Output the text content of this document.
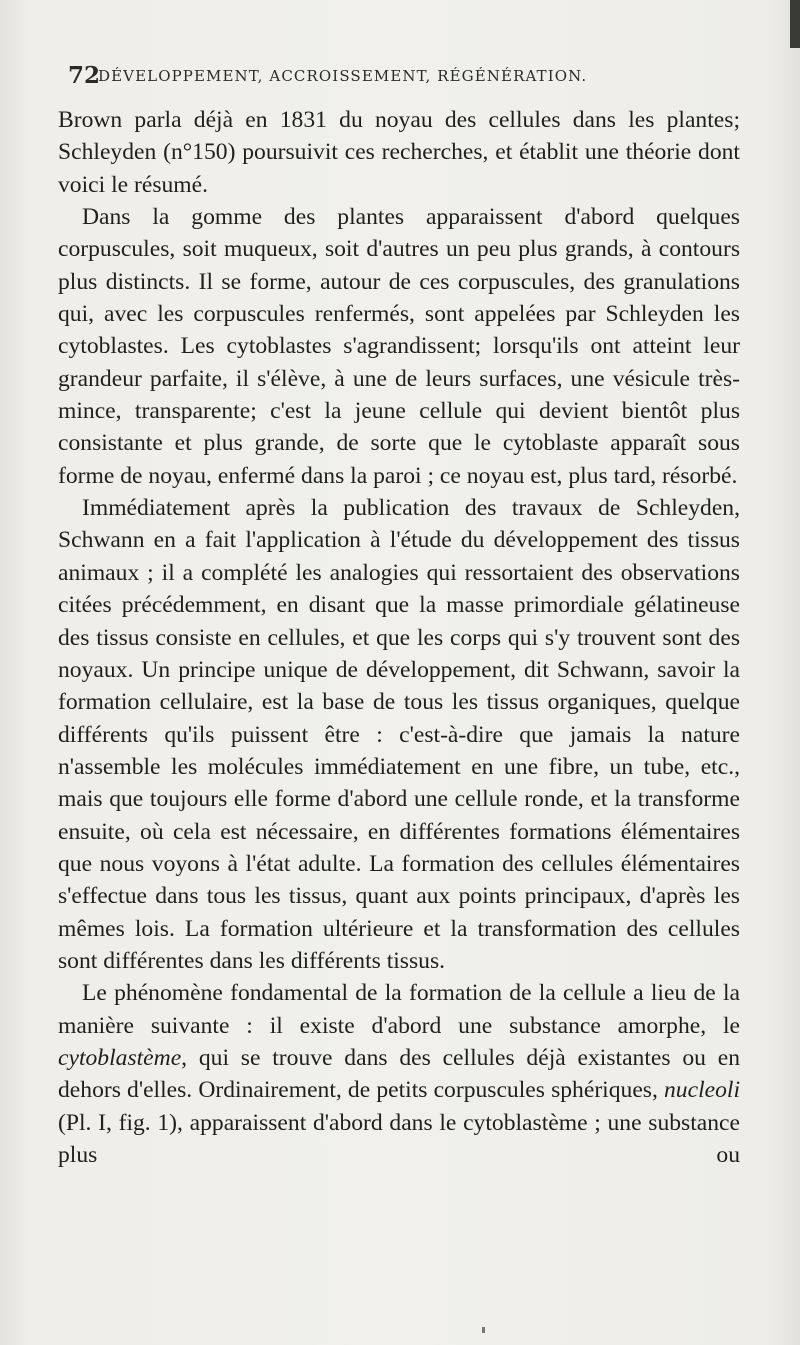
72
DÉVELOPPEMENT, ACCROISSEMENT, RÉGÉNÉRATION.

Brown parla déjà en 1831 du noyau des cellules dans les plantes; Schleyden (n°150) poursuivit ces recherches, et établit une théorie dont voici le résumé.

Dans la gomme des plantes apparaissent d'abord quelques corpuscules, soit muqueux, soit d'autres un peu plus grands, à contours plus distincts. Il se forme, autour de ces corpuscules, des granulations qui, avec les corpuscules renfermés, sont appelées par Schleyden les cytoblastes. Les cytoblastes s'agrandissent; lorsqu'ils ont atteint leur grandeur parfaite, il s'élève, à une de leurs surfaces, une vésicule très-mince, transparente; c'est la jeune cellule qui devient bientôt plus consistante et plus grande, de sorte que le cytoblaste apparaît sous forme de noyau, enfermé dans la paroi ; ce noyau est, plus tard, résorbé.

Immédiatement après la publication des travaux de Schleyden, Schwann en a fait l'application à l'étude du développement des tissus animaux ; il a complété les analogies qui ressortaient des observations citées précédemment, en disant que la masse primordiale gélatineuse des tissus consiste en cellules, et que les corps qui s'y trouvent sont des noyaux. Un principe unique de développement, dit Schwann, savoir la formation cellulaire, est la base de tous les tissus organiques, quelque différents qu'ils puissent être : c'est-à-dire que jamais la nature n'assemble les molécules immédiatement en une fibre, un tube, etc., mais que toujours elle forme d'abord une cellule ronde, et la transforme ensuite, où cela est nécessaire, en différentes formations élémentaires que nous voyons à l'état adulte. La formation des cellules élémentaires s'effectue dans tous les tissus, quant aux points principaux, d'après les mêmes lois. La formation ultérieure et la transformation des cellules sont différentes dans les différents tissus.

Le phénomène fondamental de la formation de la cellule a lieu de la manière suivante : il existe d'abord une substance amorphe, le cytoblastème, qui se trouve dans des cellules déjà existantes ou en dehors d'elles. Ordinairement, de petits corpuscules sphériques, nucleoli (Pl. I, fig. 1), apparaissent d'abord dans le cytoblastème ; une substance plus ou
